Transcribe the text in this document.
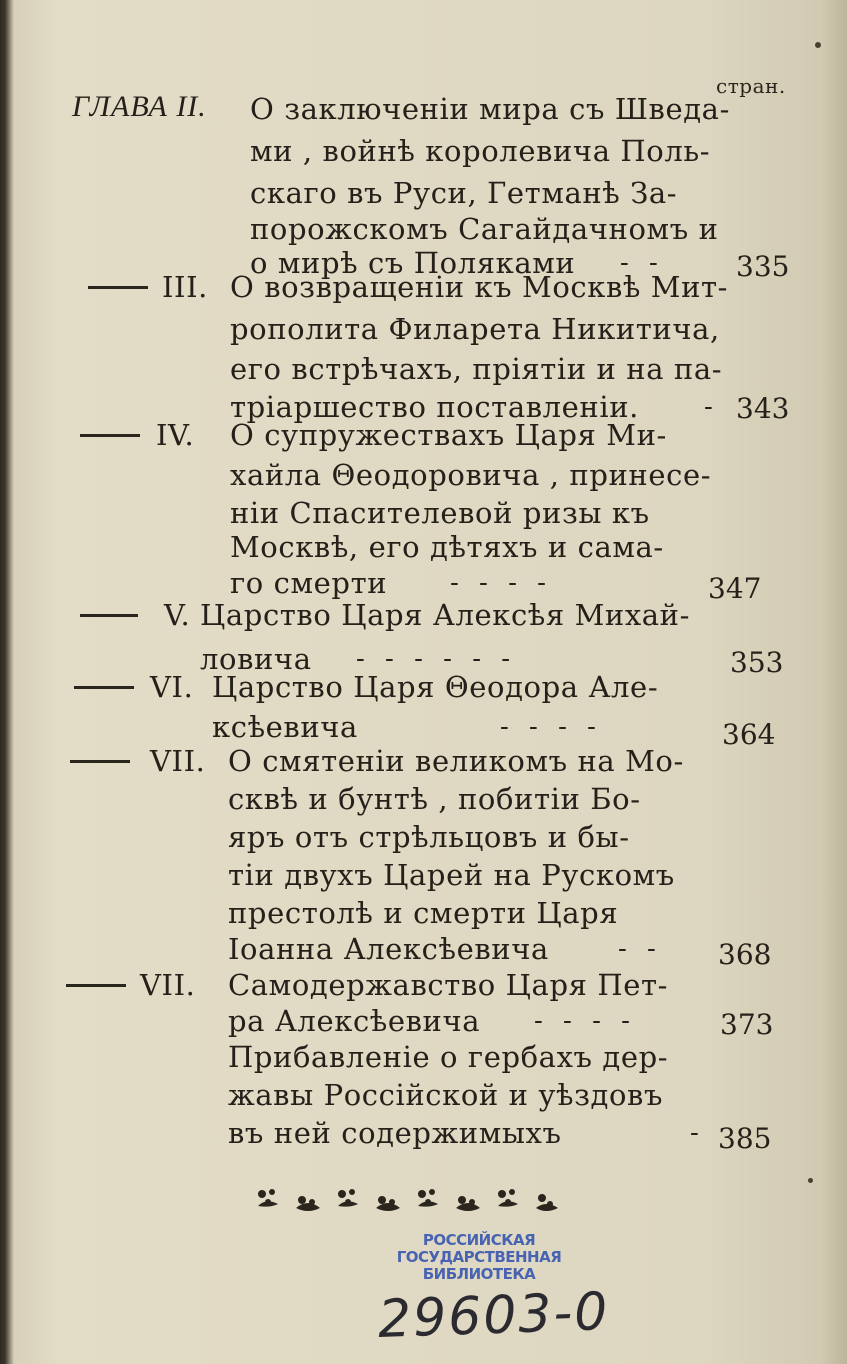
стран.
ГЛАВА II. О заключенiи мира съ Шведа-
ми , войнѣ королевича Поль-
скаго въ Руси, Гетманѣ За-
порожскомъ Сагайдачномъ и
о мирѣ съ Поляками - -	335
III. О возвращенiи къ Москвѣ Мит-
рополита Филарета Никитича,
его встрѣчахъ, прiятiи и на па-
трiаршество поставленiи.	- 343
IV. О супружествахъ Царя Ми-
хайла Θеодоровича , принесе-
нiи Спасителевой ризы къ
Москвѣ, его дѣтяхъ и сама-
го смерти - - - -	347
V. Царство Царя Алексѣя Михай-
ловича - - - - - -	353
VI. Царство Царя Θеодора Але-
ксѣевича	- - - -	364
VII. О смятенiи великомъ на Мо-
сквѣ и бунтѣ , побитiи Бо-
яръ отъ стрѣльцовъ и бы-
тiи двухъ Царей на Рускомъ
престолѣ и смерти Царя
Iоанна Алексѣевича	- - 368
VII. Самодержавство Царя Пет-
ра Алексѣевича - - - -	373
Прибавленiе о гербахъ дер-
жавы Россiйской и уѣздовъ
въ ней содержимыхъ	- 385
РОССИЙСКАЯ
ГОСУДАРСТВЕННАЯ
БИБЛИОТЕКА
29603-0
